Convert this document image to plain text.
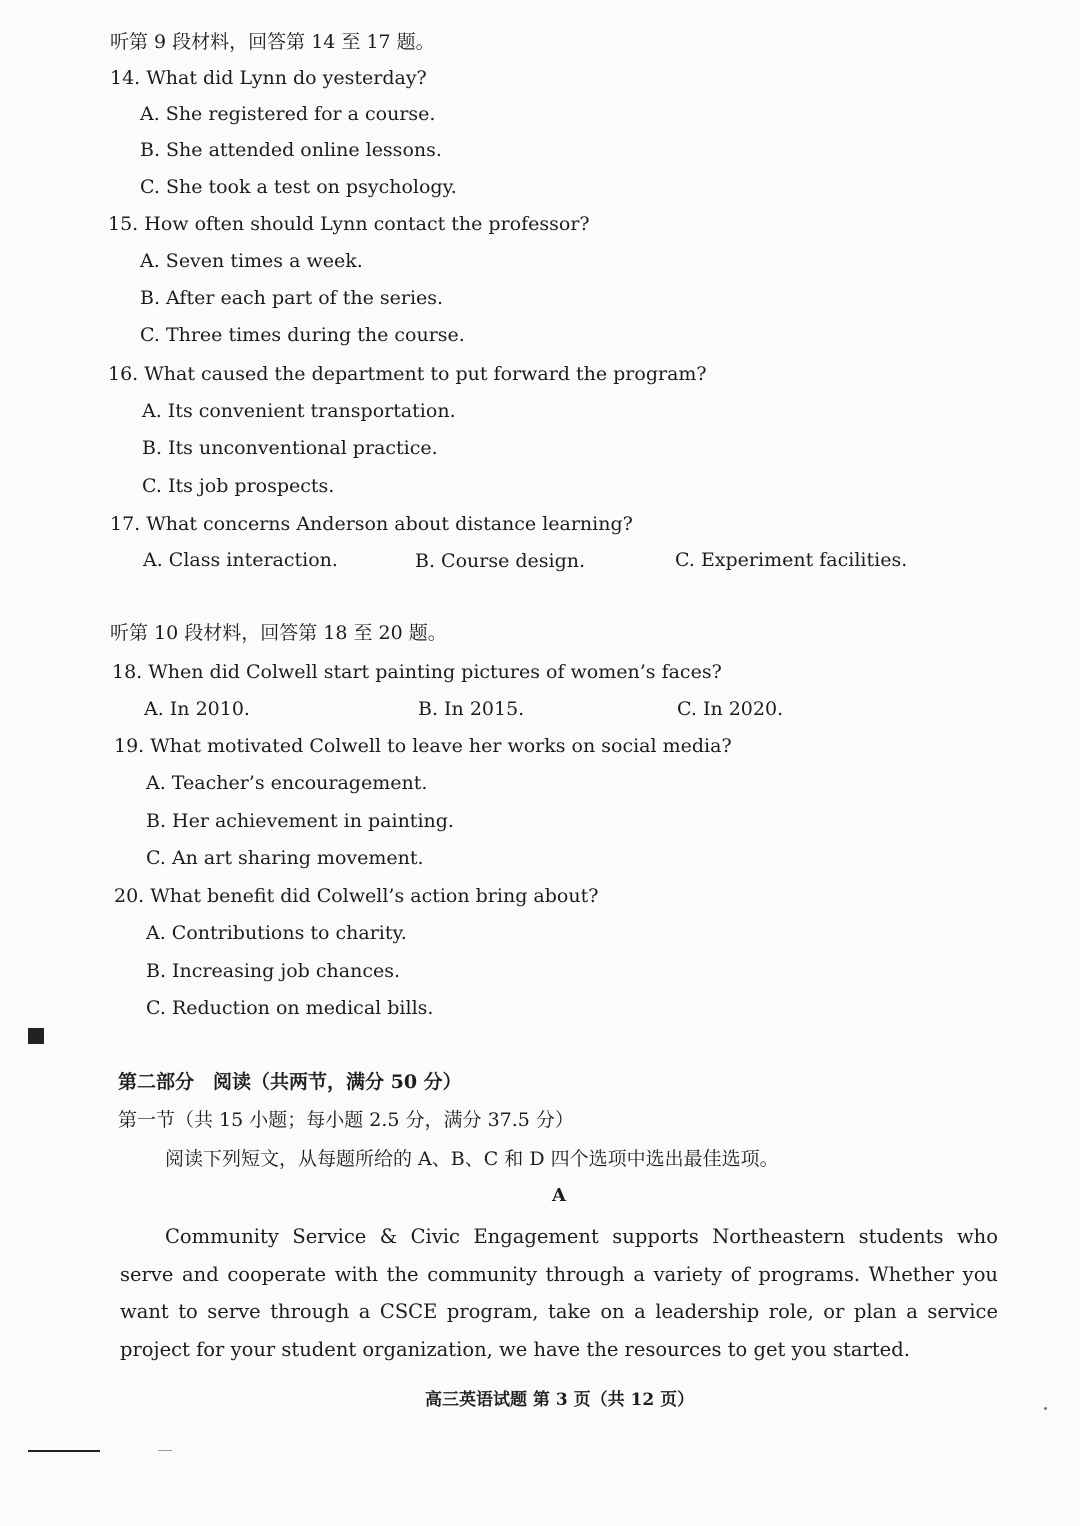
听第 9 段材料，回答第 14 至 17 题。
14. What did Lynn do yesterday?
A. She registered for a course.
B. She attended online lessons.
C. She took a test on psychology.
15. How often should Lynn contact the professor?
A. Seven times a week.
B. After each part of the series.
C. Three times during the course.
16. What caused the department to put forward the program?
A. Its convenient transportation.
B. Its unconventional practice.
C. Its job prospects.
17. What concerns Anderson about distance learning?
A. Class interaction.	B. Course design.	C. Experiment facilities.
听第 10 段材料，回答第 18 至 20 题。
18. When did Colwell start painting pictures of women’s faces?
A. In 2010.	B. In 2015.	C. In 2020.
19. What motivated Colwell to leave her works on social media?
A. Teacher’s encouragement.
B. Her achievement in painting.
C. An art sharing movement.
20. What benefit did Colwell’s action bring about?
A. Contributions to charity.
B. Increasing job chances.
C. Reduction on medical bills.
第二部分　阅读（共两节，满分 50 分）
第一节（共 15 小题；每小题 2.5 分，满分 37.5 分）
阅读下列短文，从每题所给的 A、B、C 和 D 四个选项中选出最佳选项。
A
Community Service & Civic Engagement supports Northeastern students who serve and cooperate with the community through a variety of programs. Whether you want to serve through a CSCE program, take on a leadership role, or plan a service project for your student organization, we have the resources to get you started.
高三英语试题 第 3 页（共 12 页）
